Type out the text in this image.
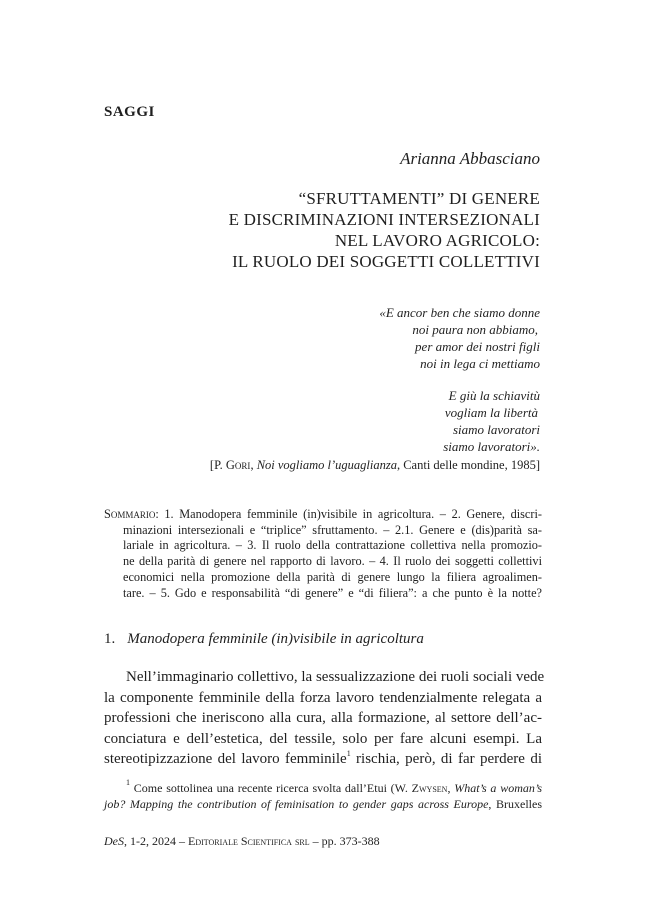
SAGGI
Arianna Abbasciano
“SFRUTTAMENTI” DI GENERE
E DISCRIMINAZIONI INTERSEZIONALI
NEL LAVORO AGRICOLO:
IL RUOLO DEI SOGGETTI COLLETTIVI
«E ancor ben che siamo donne
noi paura non abbiamo,
per amor dei nostri figli
noi in lega ci mettiamo
E giù la schiavitù
vogliam la libertà
siamo lavoratori
siamo lavoratori».
[P. Gori, Noi vogliamo l’uguaglianza, Canti delle mondine, 1985]
Sommario: 1. Manodopera femminile (in)visibile in agricoltura. – 2. Genere, discri-
minazioni intersezionali e “triplice” sfruttamento. – 2.1. Genere e (dis)parità sa-
lariale in agricoltura. – 3. Il ruolo della contrattazione collettiva nella promozio-
ne della parità di genere nel rapporto di lavoro. – 4. Il ruolo dei soggetti collettivi
economici nella promozione della parità di genere lungo la filiera agroalimen-
tare. – 5. Gdo e responsabilità “di genere” e “di filiera”: a che punto è la notte?
1. Manodopera femminile (in)visibile in agricoltura
Nell’immaginario collettivo, la sessualizzazione dei ruoli sociali vede
la componente femminile della forza lavoro tendenzialmente relegata a
professioni che ineriscono alla cura, alla formazione, al settore dell’ac-
conciatura e dell’estetica, del tessile, solo per fare alcuni esempi. La
stereotipizzazione del lavoro femminile$^1$ rischia, però, di far perdere di
$^1$ Come sottolinea una recente ricerca svolta dall’Etui (W. Zwysen, What’s a woman’s
job? Mapping the contribution of feminisation to gender gaps across Europe, Bruxelles
DeS, 1-2, 2024 – Editoriale Scientifica srl – pp. 373-388
